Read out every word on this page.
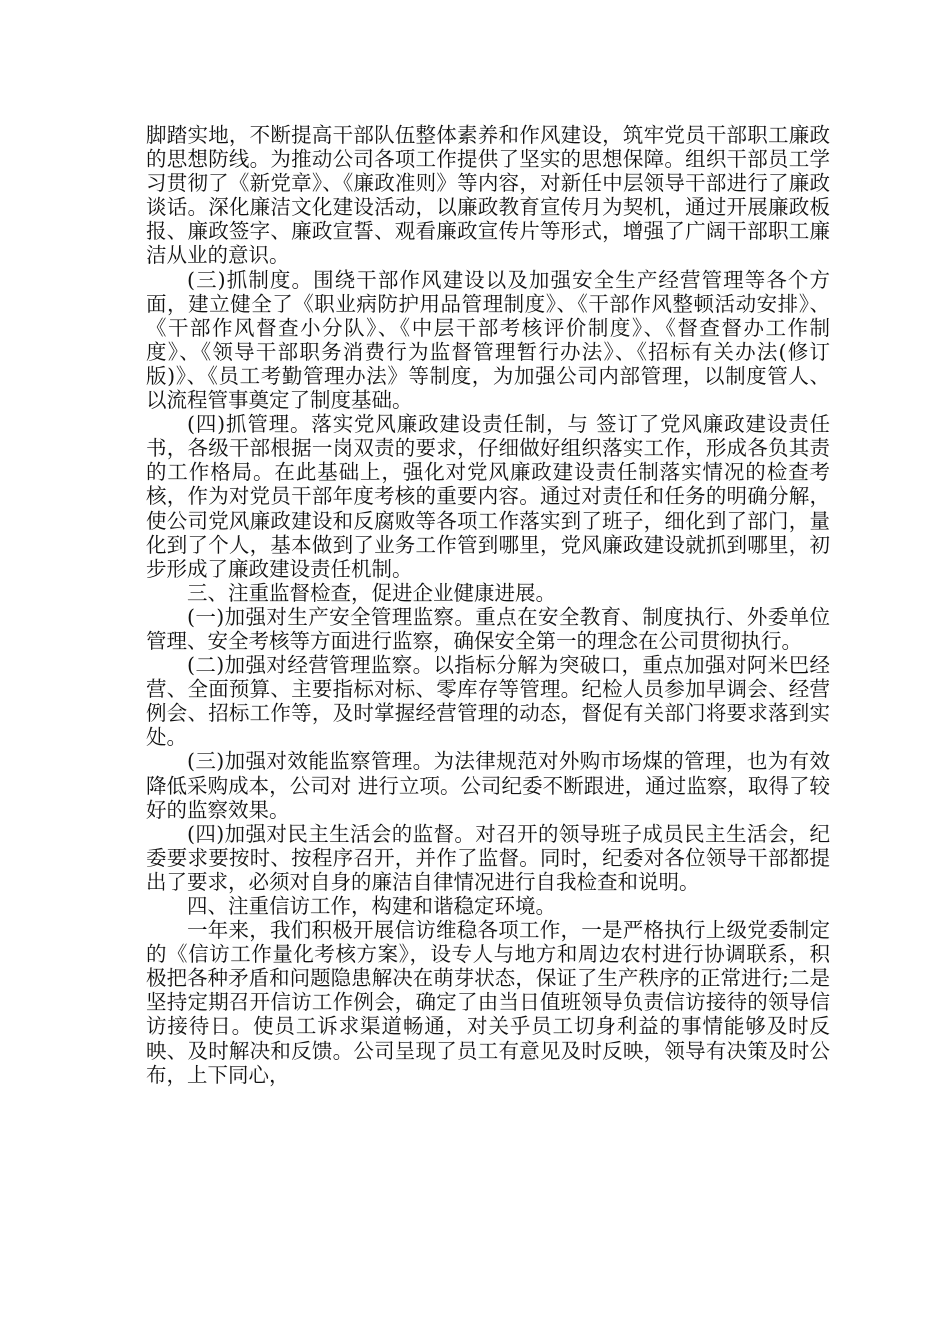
脚踏实地，不断提高干部队伍整体素养和作风建设，筑牢党员干部职工廉政的思想防线。为推动公司各项工作提供了坚实的思想保障。组织干部员工学习贯彻了《新党章》、《廉政准则》等内容，对新任中层领导干部进行了廉政谈话。深化廉洁文化建设活动，以廉政教育宣传月为契机，通过开展廉政板报、廉政签字、廉政宣誓、观看廉政宣传片等形式，增强了广阔干部职工廉洁从业的意识。

(三)抓制度。围绕干部作风建设以及加强安全生产经营管理等各个方面，建立健全了《职业病防护用品管理制度》、《干部作风整顿活动安排》、《干部作风督查小分队》、《中层干部考核评价制度》、《督查督办工作制度》、《领导干部职务消费行为监督管理暂行办法》、《招标有关办法(修订版)》、《员工考勤管理办法》等制度，为加强公司内部管理，以制度管人、以流程管事奠定了制度基础。

(四)抓管理。落实党风廉政建设责任制，与 签订了党风廉政建设责任书，各级干部根据一岗双责的要求，仔细做好组织落实工作，形成各负其责的工作格局。在此基础上，强化对党风廉政建设责任制落实情况的检查考核，作为对党员干部年度考核的重要内容。通过对责任和任务的明确分解，使公司党风廉政建设和反腐败等各项工作落实到了班子，细化到了部门，量化到了个人，基本做到了业务工作管到哪里，党风廉政建设就抓到哪里，初步形成了廉政建设责任机制。

三、注重监督检查，促进企业健康进展。

(一)加强对生产安全管理监察。重点在安全教育、制度执行、外委单位管理、安全考核等方面进行监察，确保安全第一的理念在公司贯彻执行。

(二)加强对经营管理监察。以指标分解为突破口，重点加强对阿米巴经营、全面预算、主要指标对标、零库存等管理。纪检人员参加早调会、经营例会、招标工作等，及时掌握经营管理的动态，督促有关部门将要求落到实处。

(三)加强对效能监察管理。为法律规范对外购市场煤的管理，也为有效降低采购成本，公司对 进行立项。公司纪委不断跟进，通过监察，取得了较好的监察效果。

(四)加强对民主生活会的监督。对召开的领导班子成员民主生活会，纪委要求要按时、按程序召开，并作了监督。同时，纪委对各位领导干部都提出了要求，必须对自身的廉洁自律情况进行自我检查和说明。

四、注重信访工作，构建和谐稳定环境。

一年来，我们积极开展信访维稳各项工作，一是严格执行上级党委制定的《信访工作量化考核方案》，设专人与地方和周边农村进行协调联系，积极把各种矛盾和问题隐患解决在萌芽状态，保证了生产秩序的正常进行;二是坚持定期召开信访工作例会，确定了由当日值班领导负责信访接待的领导信访接待日。使员工诉求渠道畅通，对关乎员工切身利益的事情能够及时反映、及时解决和反馈。公司呈现了员工有意见及时反映，领导有决策及时公布，上下同心，
